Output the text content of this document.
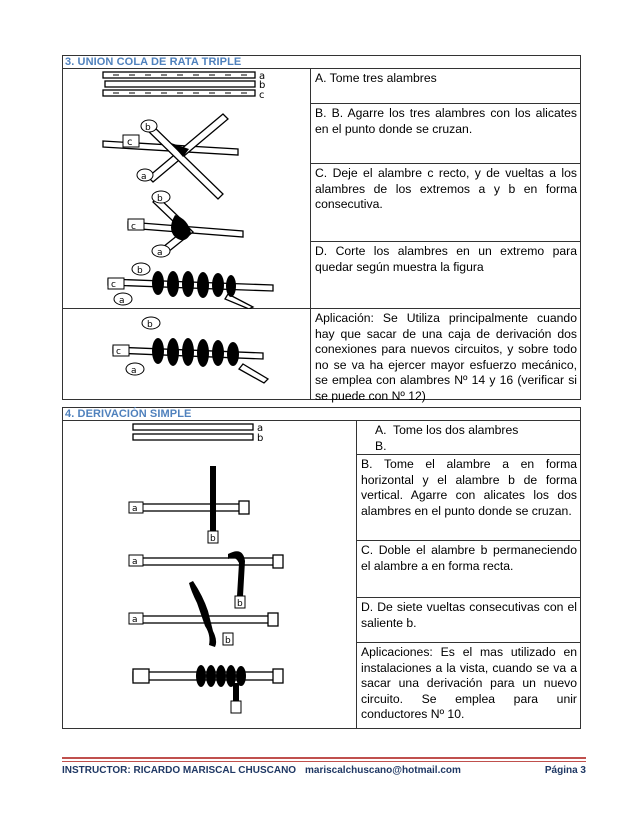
3. UNION COLA DE RATA TRIPLE
a
b
c
c
b
a
c
b
a
c
b
a
A. Tome tres alambres
B. B. Agarre los tres alambres con los alicates en el punto donde se cruzan.
C. Deje el alambre c recto, y de vueltas a los alambres de los extremos a y b en forma consecutiva.
D. Corte los alambres en un extremo para quedar según muestra la figura
c
b
a
Aplicación: Se Utiliza principalmente cuando hay que sacar de una caja de derivación dos conexiones para nuevos circuitos, y sobre todo no se va ha ejercer mayor esfuerzo mecánico, se emplea con alambres Nº 14 y 16 (verificar si se puede con Nº 12)
4. DERIVACIÓN SIMPLE
a
b
b
a
b
a
b
a
A. Tome los dos alambres
B.
B. Tome el alambre a en forma horizontal y el alambre b de forma vertical. Agarre con alicates los dos alambres en el punto donde se cruzan.
C. Doble el alambre b permaneciendo el alambre a en forma recta.
D. De siete vueltas consecutivas con el saliente b.
Aplicaciones: Es el mas utilizado en instalaciones a la vista, cuando se va a sacar una derivación para un nuevo circuito. Se emplea para unir conductores Nº 10.
INSTRUCTOR: RICARDO MARISCAL CHUSCANO mariscalchuscano@hotmail.com	Página 3
